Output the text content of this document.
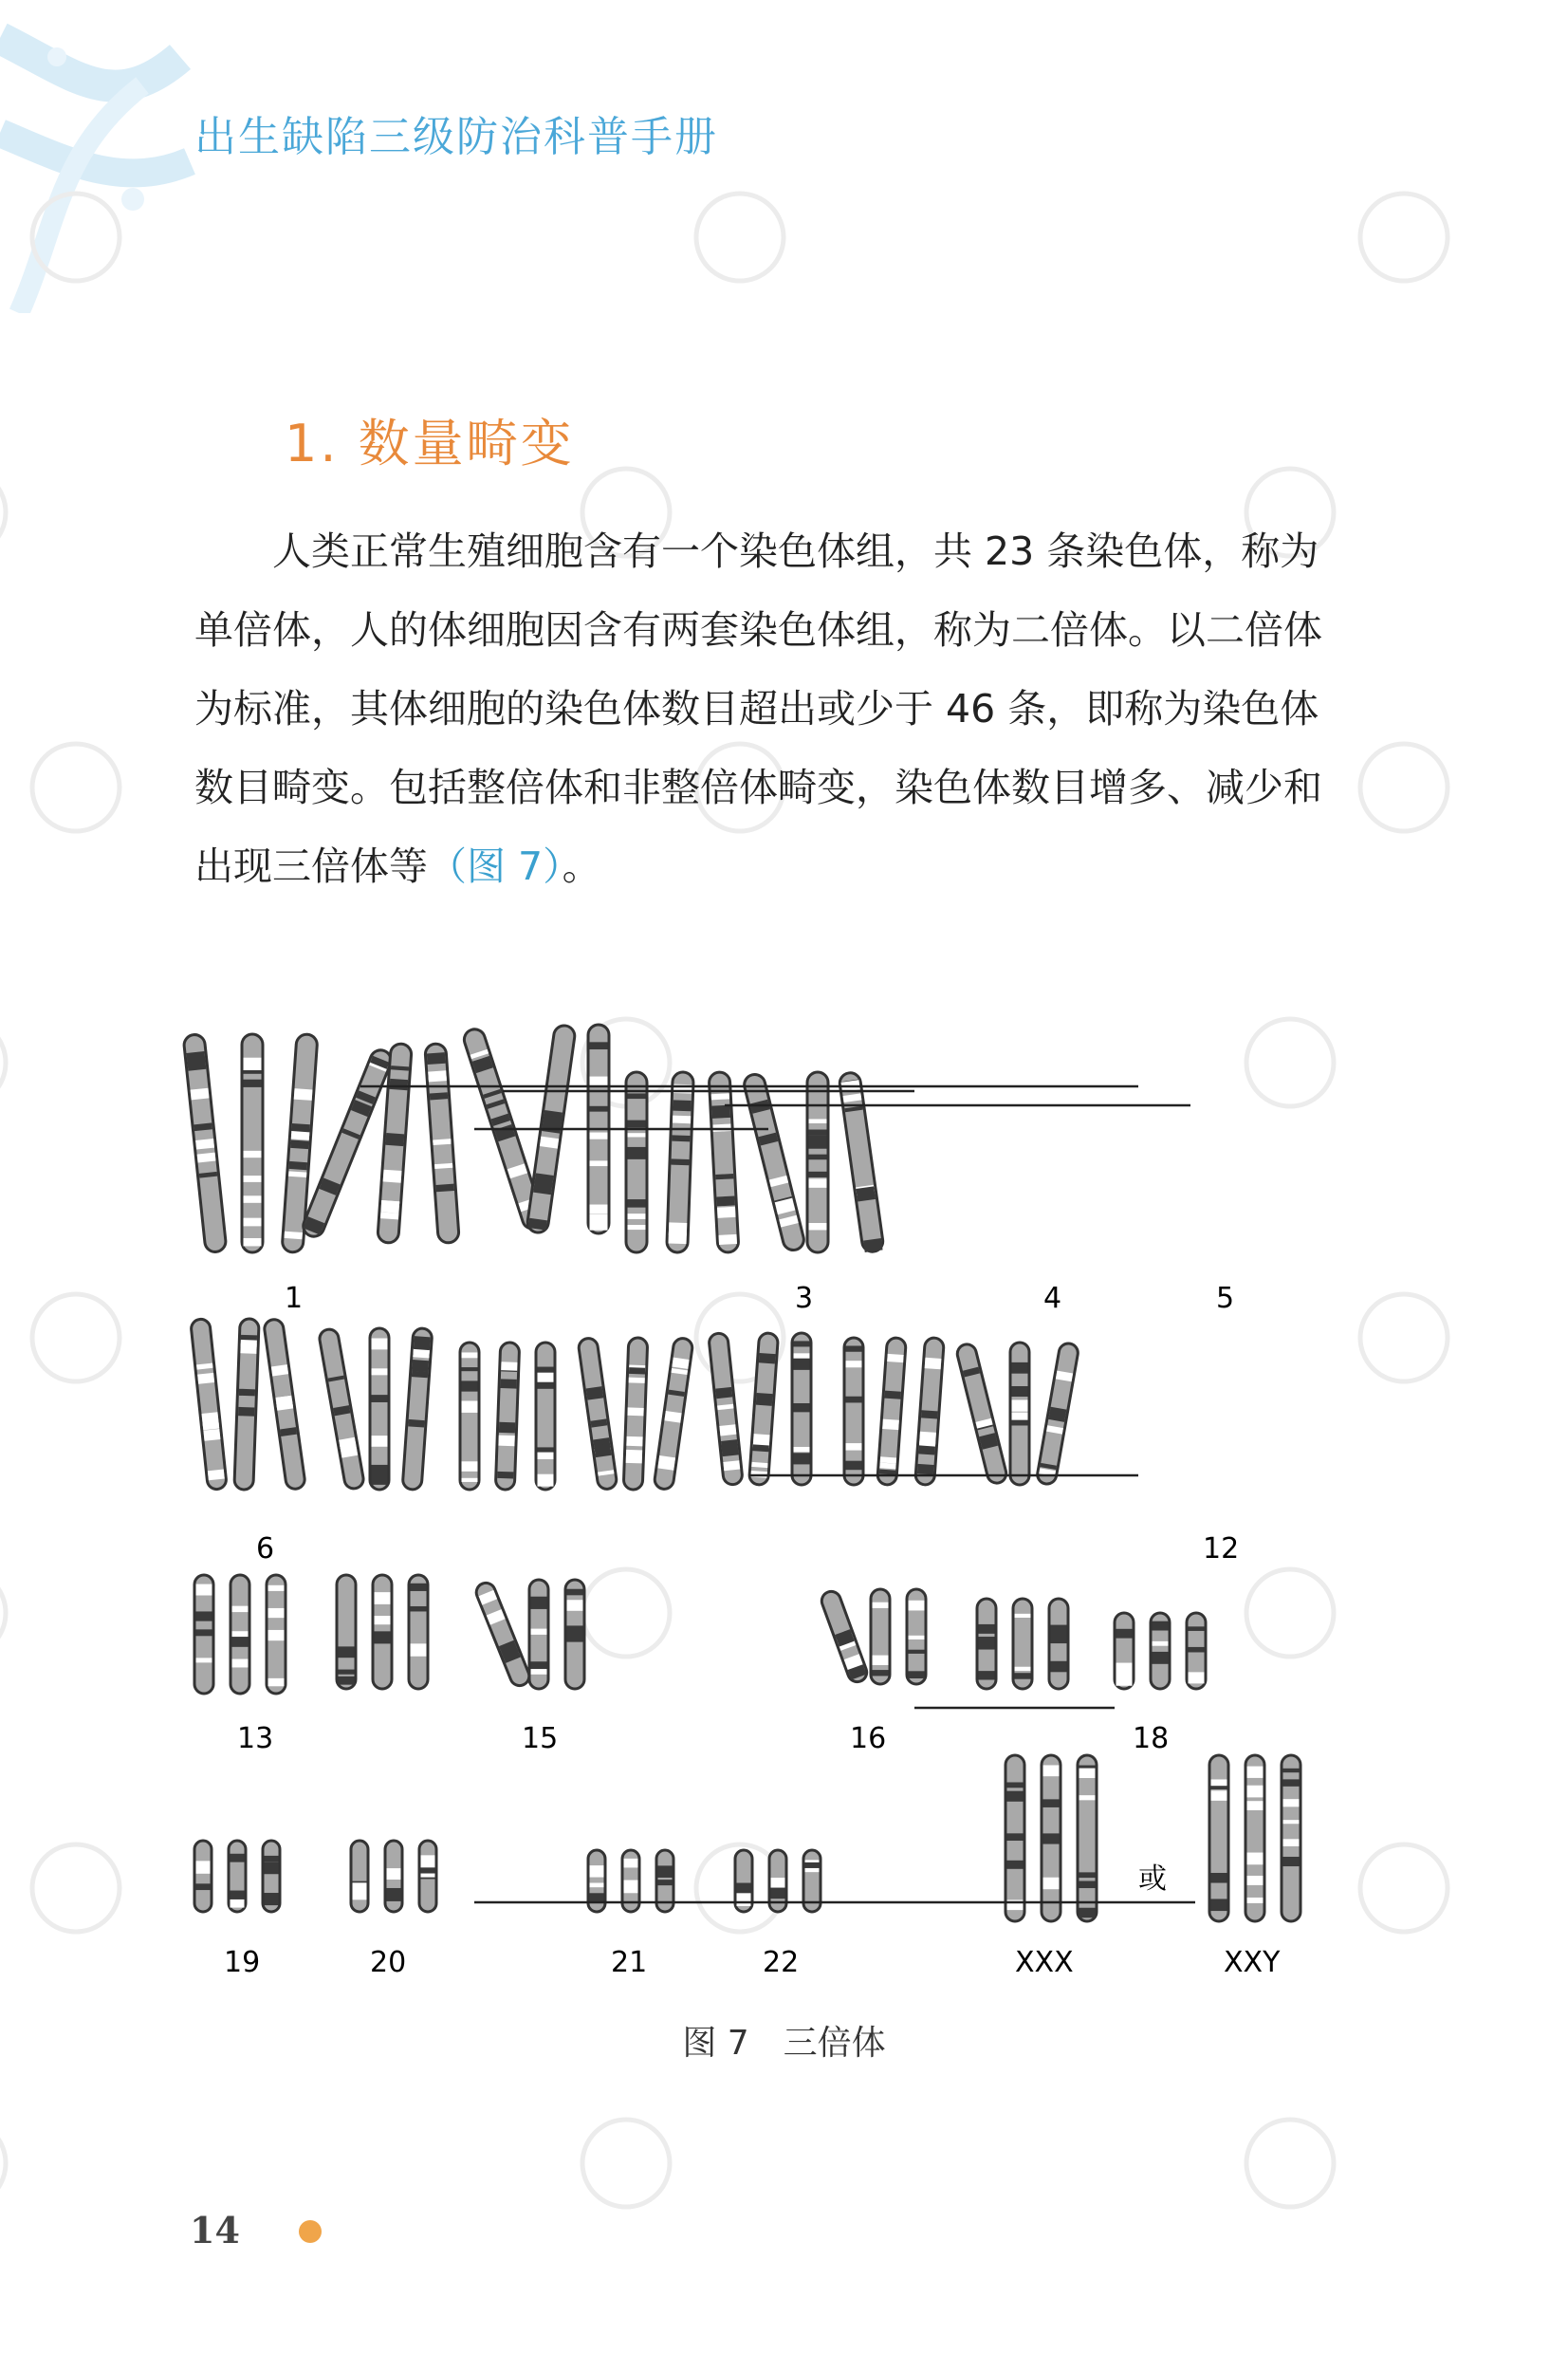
出生缺陷三级防治科普手册
1. 数量畸变

人类正常生殖细胞含有一个染色体组，共 23 条染色体，称为单倍体，人的体细胞因含有两套染色体组，称为二倍体。以二倍体为标准，其体细胞的染色体数目超出或少于 46 条，即称为染色体数目畸变。包括整倍体和非整倍体畸变，染色体数目增多、减少和出现三倍体等（图 7）。

1	3	4	5
6	12
13	15	16	18
19	20	21	22	XXX
或
XXY
图 7　三倍体
14
